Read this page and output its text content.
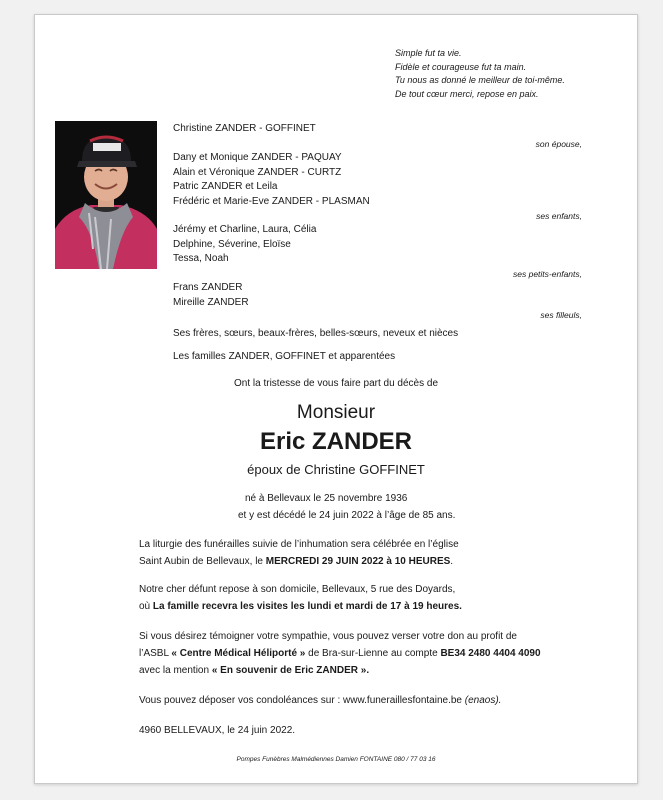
Simple fut ta vie.
Fidèle et courageuse fut ta main.
Tu nous as donné le meilleur de toi-même.
De tout cœur merci, repose en paix.
Christine ZANDER - GOFFINET
son épouse,
Dany et Monique ZANDER - PAQUAY
Alain et Véronique ZANDER - CURTZ
Patric ZANDER et Leila
Frédéric et Marie-Eve ZANDER - PLASMAN
ses enfants,
Jérémy et Charline, Laura, Célia
Delphine, Séverine, Eloïse
Tessa, Noah
ses petits-enfants,
Frans ZANDER
Mireille ZANDER
ses filleuls,
Ses frères, sœurs, beaux-frères, belles-sœurs, neveux et nièces
Les familles ZANDER, GOFFINET et apparentées
Ont la tristesse de vous faire part du décès de
Monsieur
Eric ZANDER
époux de Christine GOFFINET
né à Bellevaux le 25 novembre 1936
et y est décédé le 24 juin 2022 à l’âge de 85 ans.
La liturgie des funérailles suivie de l’inhumation sera célébrée en l’église
Saint Aubin de Bellevaux, le MERCREDI 29 JUIN 2022 à 10 HEURES.
Notre cher défunt repose à son domicile, Bellevaux, 5 rue des Doyards,
où La famille recevra les visites les lundi et mardi de 17 à 19 heures.
Si vous désirez témoigner votre sympathie, vous pouvez verser votre don au profit de
l’ASBL « Centre Médical Héliporté » de Bra-sur-Lienne au compte BE34 2480 4404 4090
avec la mention « En souvenir de Eric ZANDER ».
Vous pouvez déposer vos condoléances sur : www.funeraillesfontaine.be (enaos).
4960 BELLEVAUX, le 24 juin 2022.
Pompes Funèbres Malmédiennes Damien FONTAINE 080 / 77 03 16
